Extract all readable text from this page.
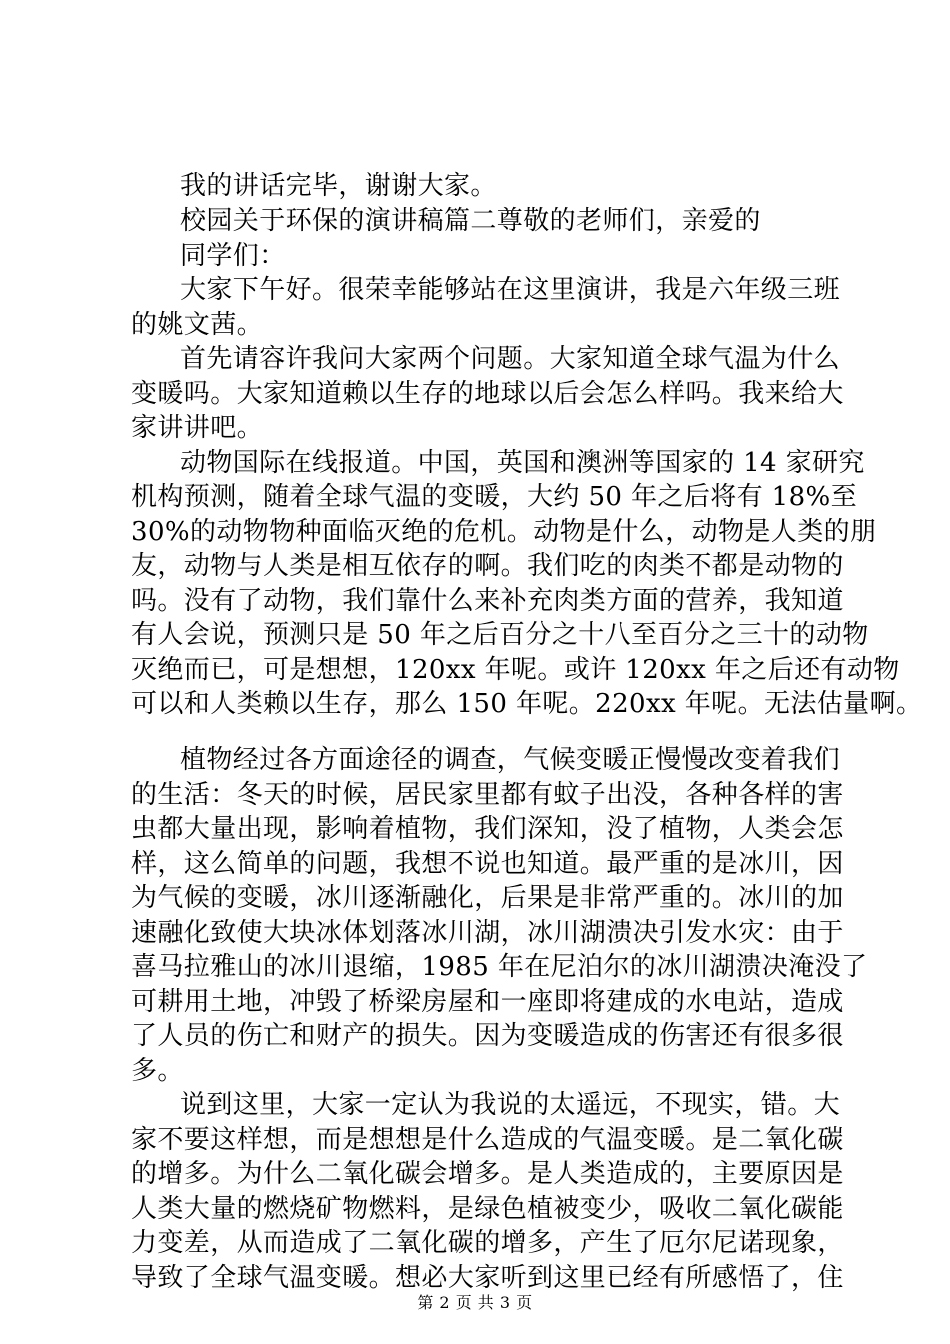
我的讲话完毕，谢谢大家。
校园关于环保的演讲稿篇二尊敬的老师们，亲爱的
同学们：
大家下午好。很荣幸能够站在这里演讲，我是六年级三班
的姚文茜。
首先请容许我问大家两个问题。大家知道全球气温为什么
变暖吗。大家知道赖以生存的地球以后会怎么样吗。我来给大
家讲讲吧。
动物国际在线报道。中国，英国和澳洲等国家的 14 家研究
机构预测，随着全球气温的变暖，大约 50 年之后将有 18%至
30%的动物物种面临灭绝的危机。动物是什么，动物是人类的朋
友，动物与人类是相互依存的啊。我们吃的肉类不都是动物的
吗。没有了动物，我们靠什么来补充肉类方面的营养，我知道
有人会说，预测只是 50 年之后百分之十八至百分之三十的动物
灭绝而已，可是想想，120xx 年呢。或许 120xx 年之后还有动物
可以和人类赖以生存，那么 150 年呢。220xx 年呢。无法估量啊。
植物经过各方面途径的调查，气候变暖正慢慢改变着我们
的生活：冬天的时候，居民家里都有蚊子出没，各种各样的害
虫都大量出现，影响着植物，我们深知，没了植物，人类会怎
样，这么简单的问题，我想不说也知道。最严重的是冰川，因
为气候的变暖，冰川逐渐融化，后果是非常严重的。冰川的加
速融化致使大块冰体划落冰川湖，冰川湖溃决引发水灾：由于
喜马拉雅山的冰川退缩，1985 年在尼泊尔的冰川湖溃决淹没了
可耕用土地，冲毁了桥梁房屋和一座即将建成的水电站，造成
了人员的伤亡和财产的损失。因为变暖造成的伤害还有很多很
多。
说到这里，大家一定认为我说的太遥远，不现实，错。大
家不要这样想，而是想想是什么造成的气温变暖。是二氧化碳
的增多。为什么二氧化碳会增多。是人类造成的，主要原因是
人类大量的燃烧矿物燃料，是绿色植被变少，吸收二氧化碳能
力变差，从而造成了二氧化碳的增多，产生了厄尔尼诺现象，
导致了全球气温变暖。想必大家听到这里已经有所感悟了，住
第 2 页 共 3 页
